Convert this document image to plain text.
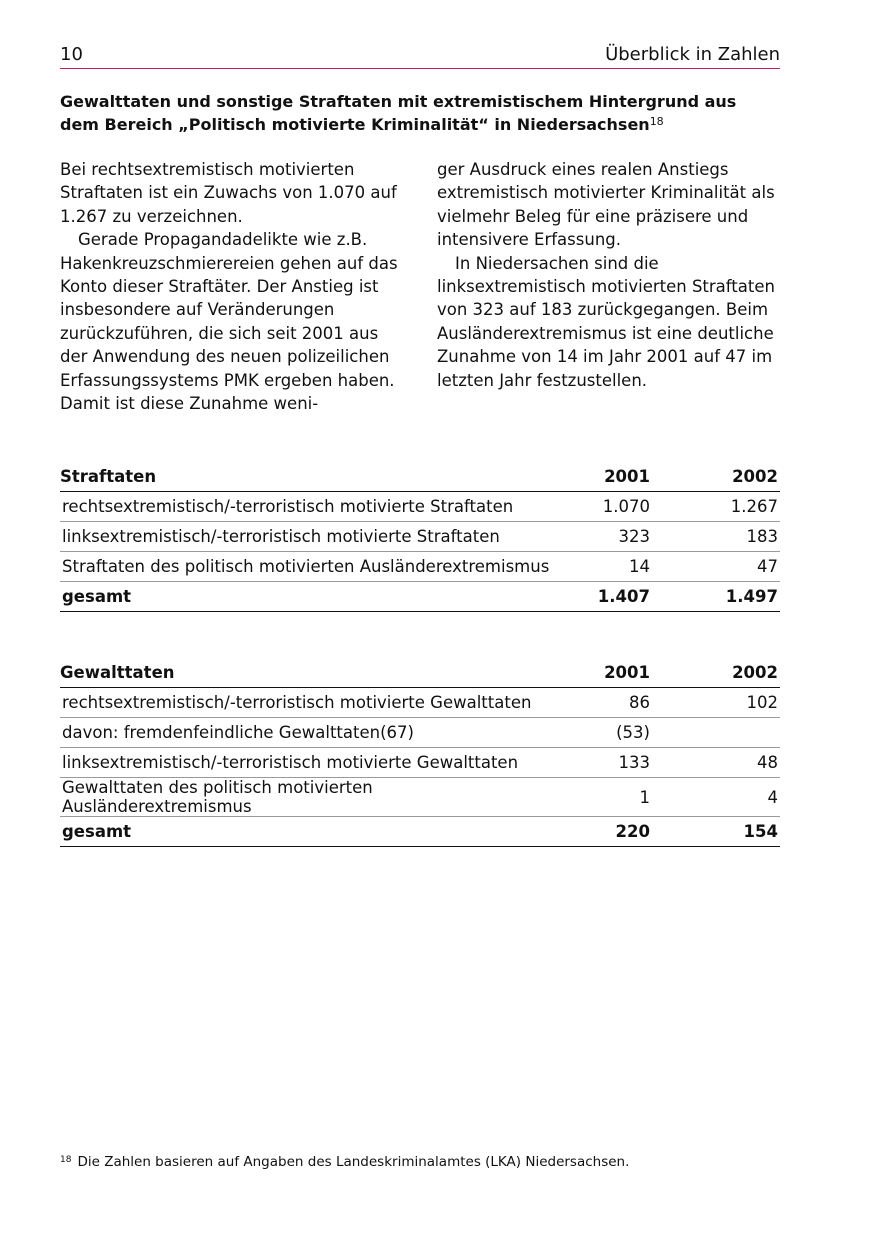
10	Überblick in Zahlen
Gewalttaten und sonstige Straftaten mit extremistischem Hintergrund aus dem Bereich „Politisch motivierte Kriminalität“ in Niedersachsen$^{18}$

Bei rechtsextremistisch motivierten Straftaten ist ein Zuwachs von 1.070 auf 1.267 zu verzeichnen.

Gerade Propagandadelikte wie z.B. Hakenkreuzschmierereien gehen auf das Konto dieser Straftäter. Der Anstieg ist insbesondere auf Veränderungen zurückzuführen, die sich seit 2001 aus der Anwendung des neuen polizeilichen Erfassungssystems PMK ergeben haben. Damit ist diese Zunahme weni-

ger Ausdruck eines realen Anstiegs extremistisch motivierter Kriminalität als vielmehr Beleg für eine präzisere und intensivere Erfassung.

In Niedersachen sind die linksextremistisch motivierten Straftaten von 323 auf 183 zurückgegangen. Beim Ausländerextremismus ist eine deutliche Zunahme von 14 im Jahr 2001 auf 47 im letzten Jahr festzustellen.

Straftaten	2001	2002
rechtsextremistisch/-terroristisch motivierte Straftaten	1.070	1.267
linksextremistisch/-terroristisch motivierte Straftaten	323	183
Straftaten des politisch motivierten Ausländerextremismus	14	47
gesamt	1.407	1.497
Gewalttaten	2001	2002
rechtsextremistisch/-terroristisch motivierte Gewalttaten	86	102
davon: fremdenfeindliche Gewalttaten(67)	(53)	
linksextremistisch/-terroristisch motivierte Gewalttaten	133	48
Gewalttaten des politisch motivierten Ausländerextremismus	1	4
gesamt	220	154
$^{18}$ Die Zahlen basieren auf Angaben des Landeskriminalamtes (LKA) Niedersachsen.
